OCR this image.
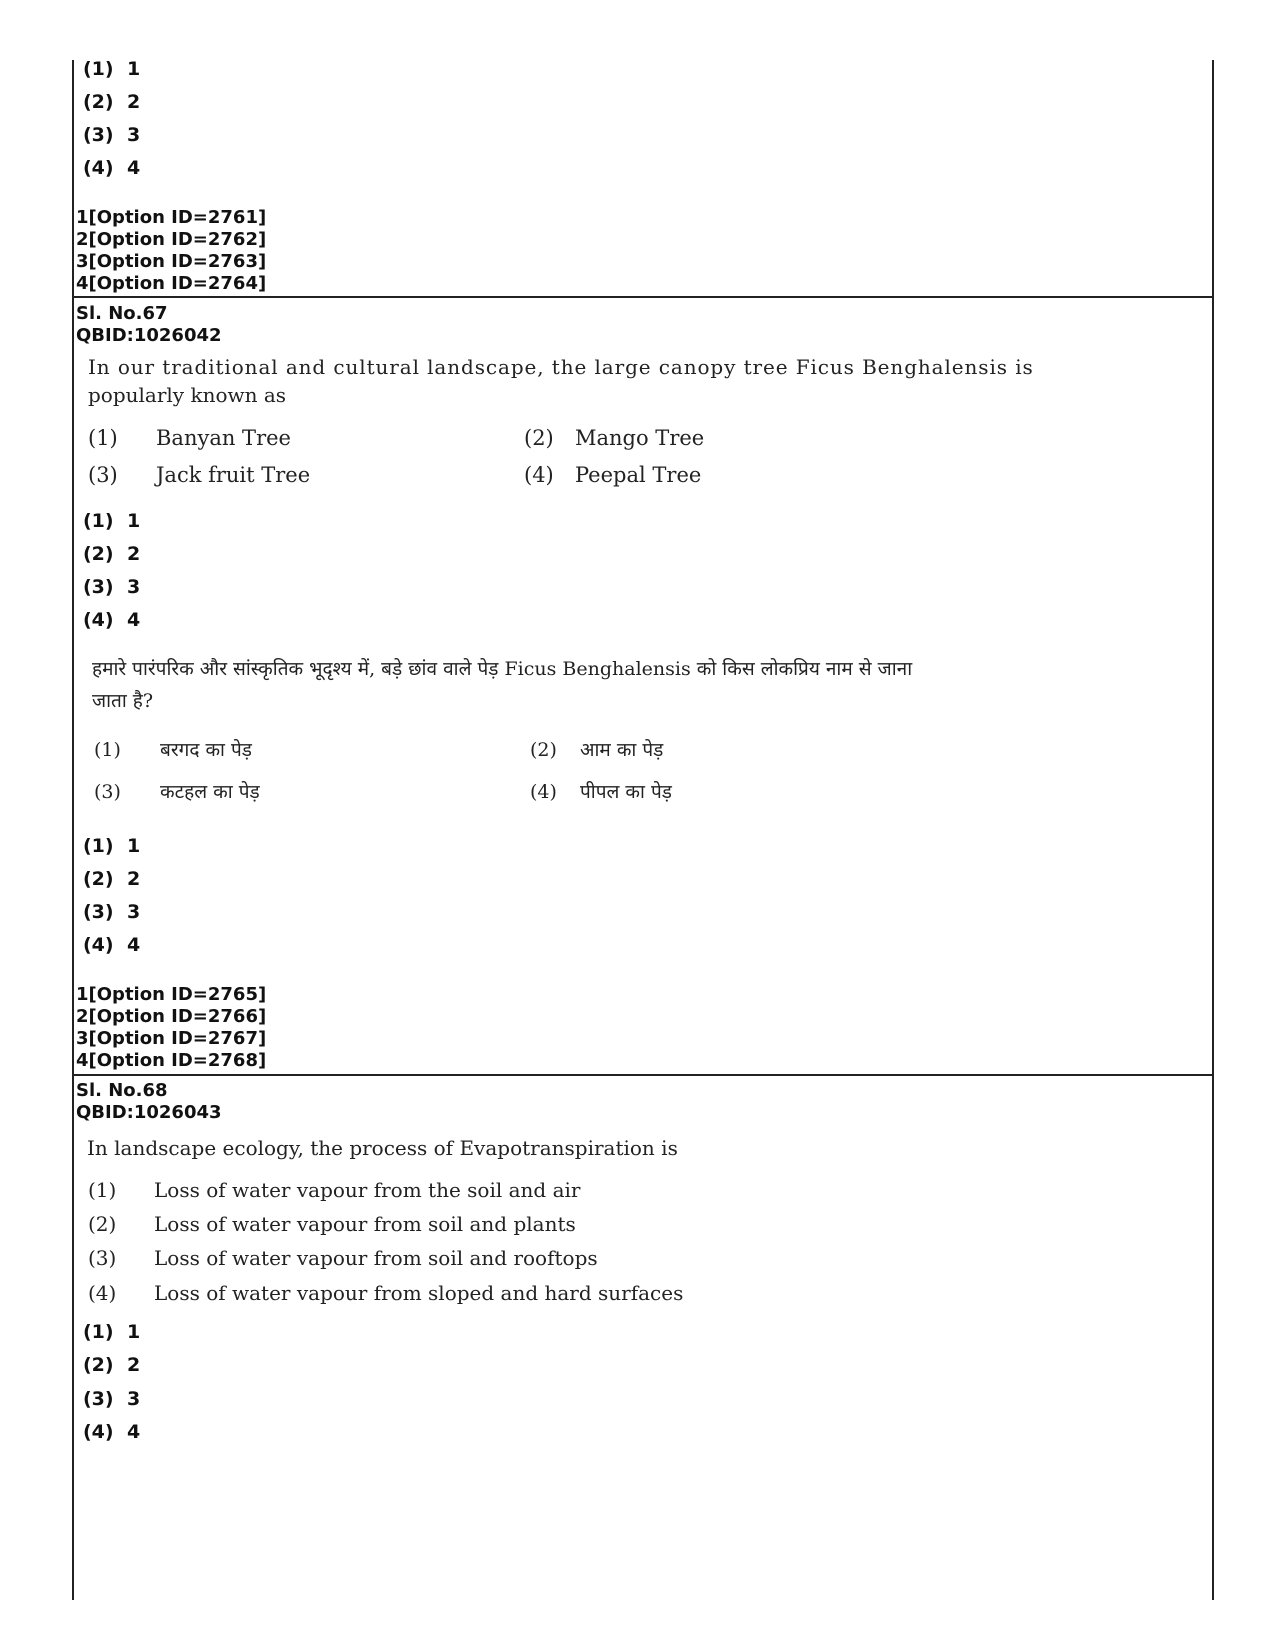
(1) 1
(2) 2
(3) 3
(4) 4
1[Option ID=2761]
2[Option ID=2762]
3[Option ID=2763]
4[Option ID=2764]
Sl. No.67
QBID:1026042
In our traditional and cultural landscape, the large canopy tree Ficus Benghalensis is
popularly known as
(1) Banyan Tree	(2) Mango Tree
(3) Jack fruit Tree	(4) Peepal Tree
(1) 1
(2) 2
(3) 3
(4) 4
हमारे पारंपरिक और सांस्कृतिक भूदृश्य में, बड़े छांव वाले पेड़ Ficus Benghalensis को किस लोकप्रिय नाम से जाना
जाता है?
(1) बरगद का पेड़	(2) आम का पेड़
(3) कटहल का पेड़	(4) पीपल का पेड़
(1) 1
(2) 2
(3) 3
(4) 4
1[Option ID=2765]
2[Option ID=2766]
3[Option ID=2767]
4[Option ID=2768]
Sl. No.68
QBID:1026043
In landscape ecology, the process of Evapotranspiration is
(1) Loss of water vapour from the soil and air
(2) Loss of water vapour from soil and plants
(3) Loss of water vapour from soil and rooftops
(4) Loss of water vapour from sloped and hard surfaces
(1) 1
(2) 2
(3) 3
(4) 4
